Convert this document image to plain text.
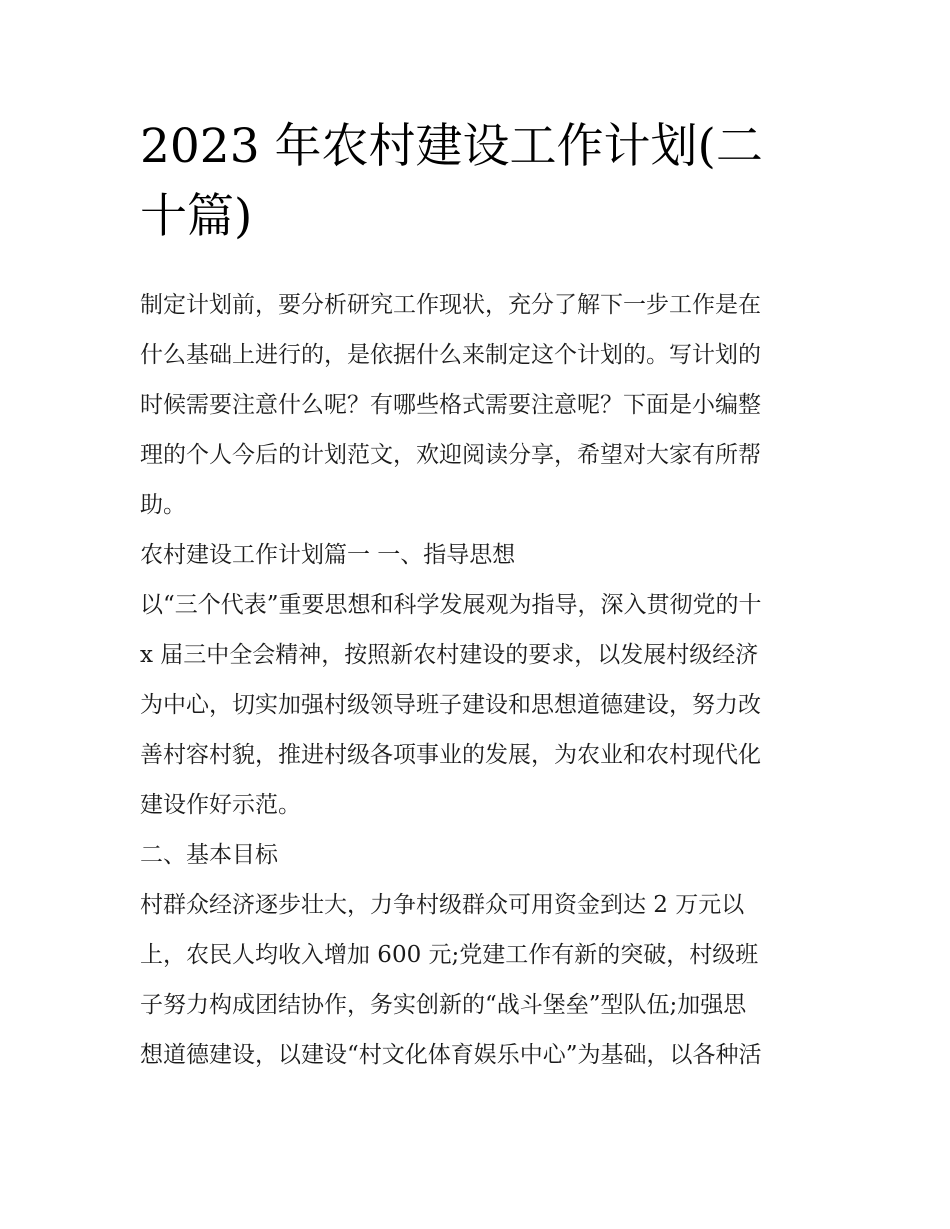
2023 年农村建设工作计划(二
十篇)

制定计划前，要分析研究工作现状，充分了解下一步工作是在
什么基础上进行的，是依据什么来制定这个计划的。写计划的
时候需要注意什么呢？有哪些格式需要注意呢？下面是小编整
理的个人今后的计划范文，欢迎阅读分享，希望对大家有所帮
助。

农村建设工作计划篇一 一、指导思想

以“三个代表”重要思想和科学发展观为指导，深入贯彻党的十
x 届三中全会精神，按照新农村建设的要求，以发展村级经济
为中心，切实加强村级领导班子建设和思想道德建设，努力改
善村容村貌，推进村级各项事业的发展，为农业和农村现代化
建设作好示范。

二、基本目标

村群众经济逐步壮大，力争村级群众可用资金到达 2 万元以
上，农民人均收入增加 600 元;党建工作有新的突破，村级班
子努力构成团结协作，务实创新的“战斗堡垒”型队伍;加强思
想道德建设，以建设“村文化体育娱乐中心”为基础，以各种活
